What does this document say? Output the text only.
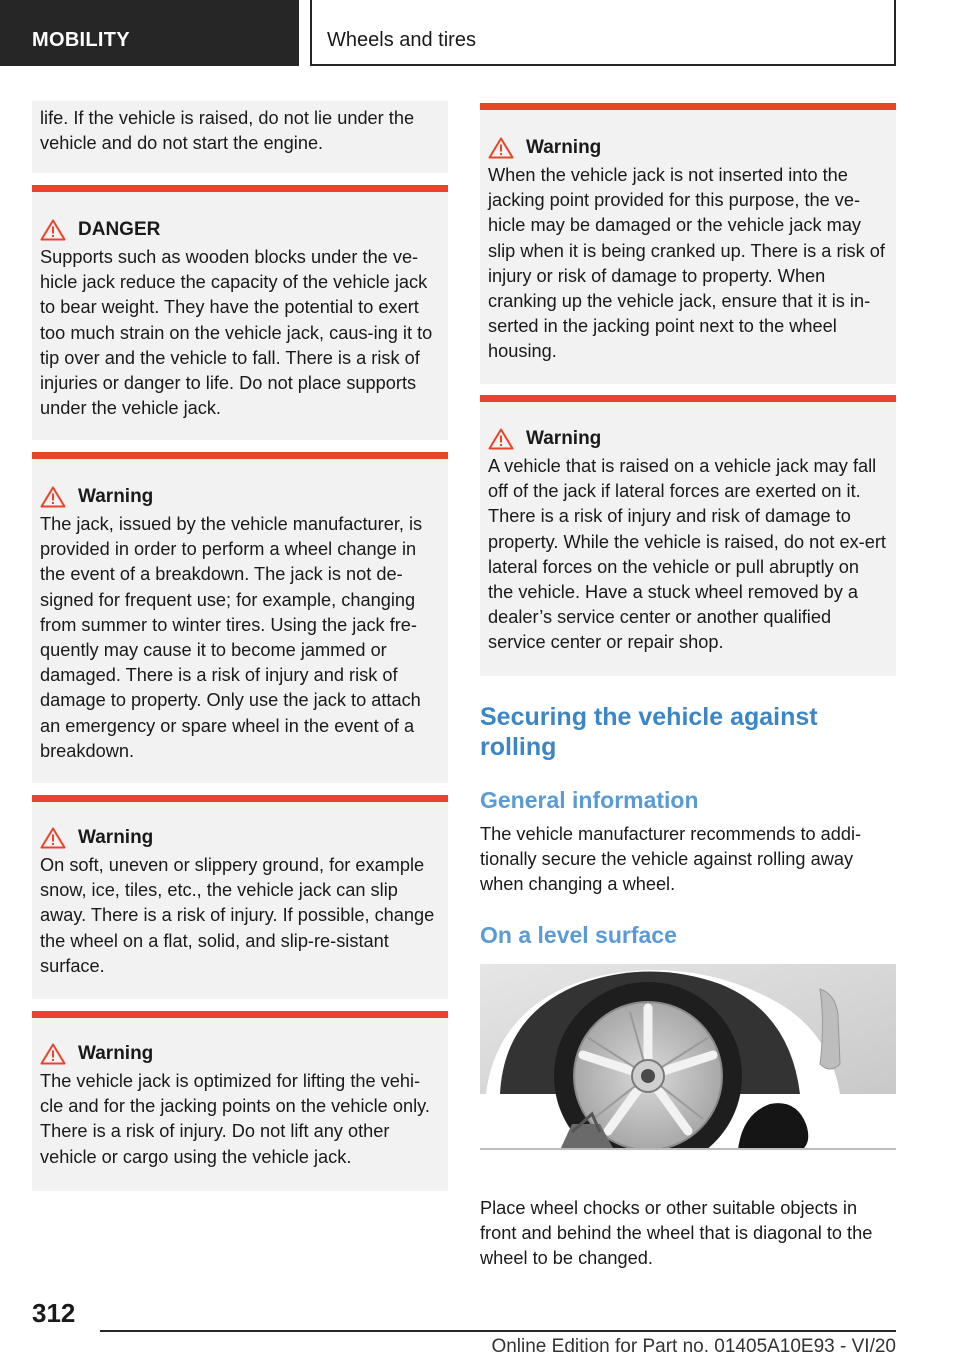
MOBILITY	Wheels and tires

life. If the vehicle is raised, do not lie under the vehicle and do not start the engine.

DANGER

Supports such as wooden blocks under the ve-hicle jack reduce the capacity of the vehicle jack to bear weight. They have the potential to exert too much strain on the vehicle jack, caus-ing it to tip over and the vehicle to fall. There is a risk of injuries or danger to life. Do not place supports under the vehicle jack.

Warning

The jack, issued by the vehicle manufacturer, is provided in order to perform a wheel change in the event of a breakdown. The jack is not de-signed for frequent use; for example, changing from summer to winter tires. Using the jack fre-quently may cause it to become jammed or damaged. There is a risk of injury and risk of damage to property. Only use the jack to attach an emergency or spare wheel in the event of a breakdown.

Warning

On soft, uneven or slippery ground, for example snow, ice, tiles, etc., the vehicle jack can slip away. There is a risk of injury. If possible, change the wheel on a flat, solid, and slip-re-sistant surface.

Warning

The vehicle jack is optimized for lifting the vehi-cle and for the jacking points on the vehicle only. There is a risk of injury. Do not lift any other vehicle or cargo using the vehicle jack.

Warning

When the vehicle jack is not inserted into the jacking point provided for this purpose, the ve-hicle may be damaged or the vehicle jack may slip when it is being cranked up. There is a risk of injury or risk of damage to property. When cranking up the vehicle jack, ensure that it is in-serted in the jacking point next to the wheel housing.

Warning

A vehicle that is raised on a vehicle jack may fall off of the jack if lateral forces are exerted on it. There is a risk of injury and risk of damage to property. While the vehicle is raised, do not ex-ert lateral forces on the vehicle or pull abruptly on the vehicle. Have a stuck wheel removed by a dealer’s service center or another qualified service center or repair shop.

Securing the vehicle against
rolling
General information
The vehicle manufacturer recommends to addi-tionally secure the vehicle against rolling away when changing a wheel.
On a level surface
Place wheel chocks or other suitable objects in front and behind the wheel that is diagonal to the wheel to be changed.
312
Online Edition for Part no. 01405A10E93 - VI/20
